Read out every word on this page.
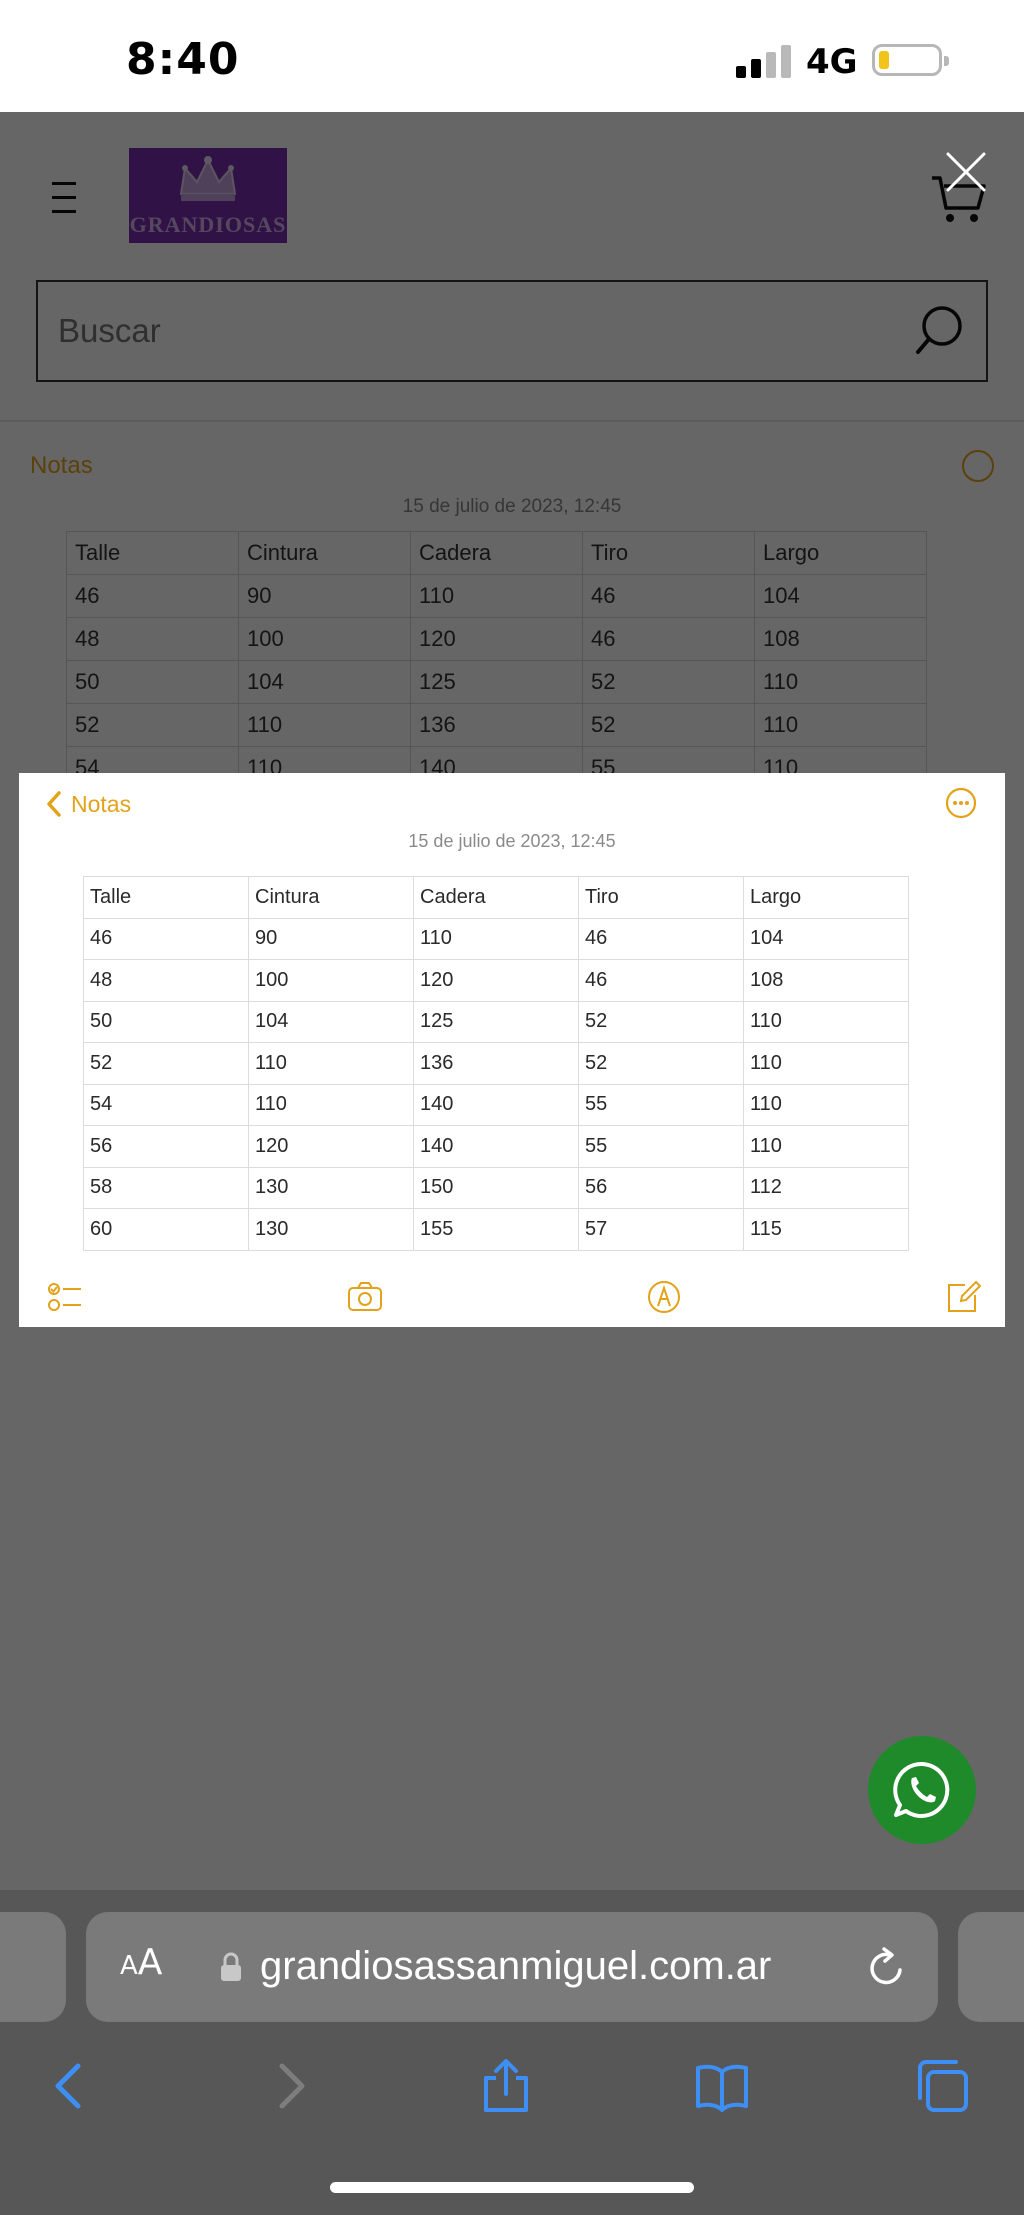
8:40	4G
Buscar

Notas
15 de julio de 2023, 12:45
Talle	Cintura	Cadera	Tiro	Largo
46	90	110	46	104
48	100	120	46	108
50	104	125	52	110
52	110	136	52	110
54	110	140	55	110
56	120	140	55	110
58	130	150	56	112
60	130	155	57	115
AA grandiosassanmiguel.com.ar
